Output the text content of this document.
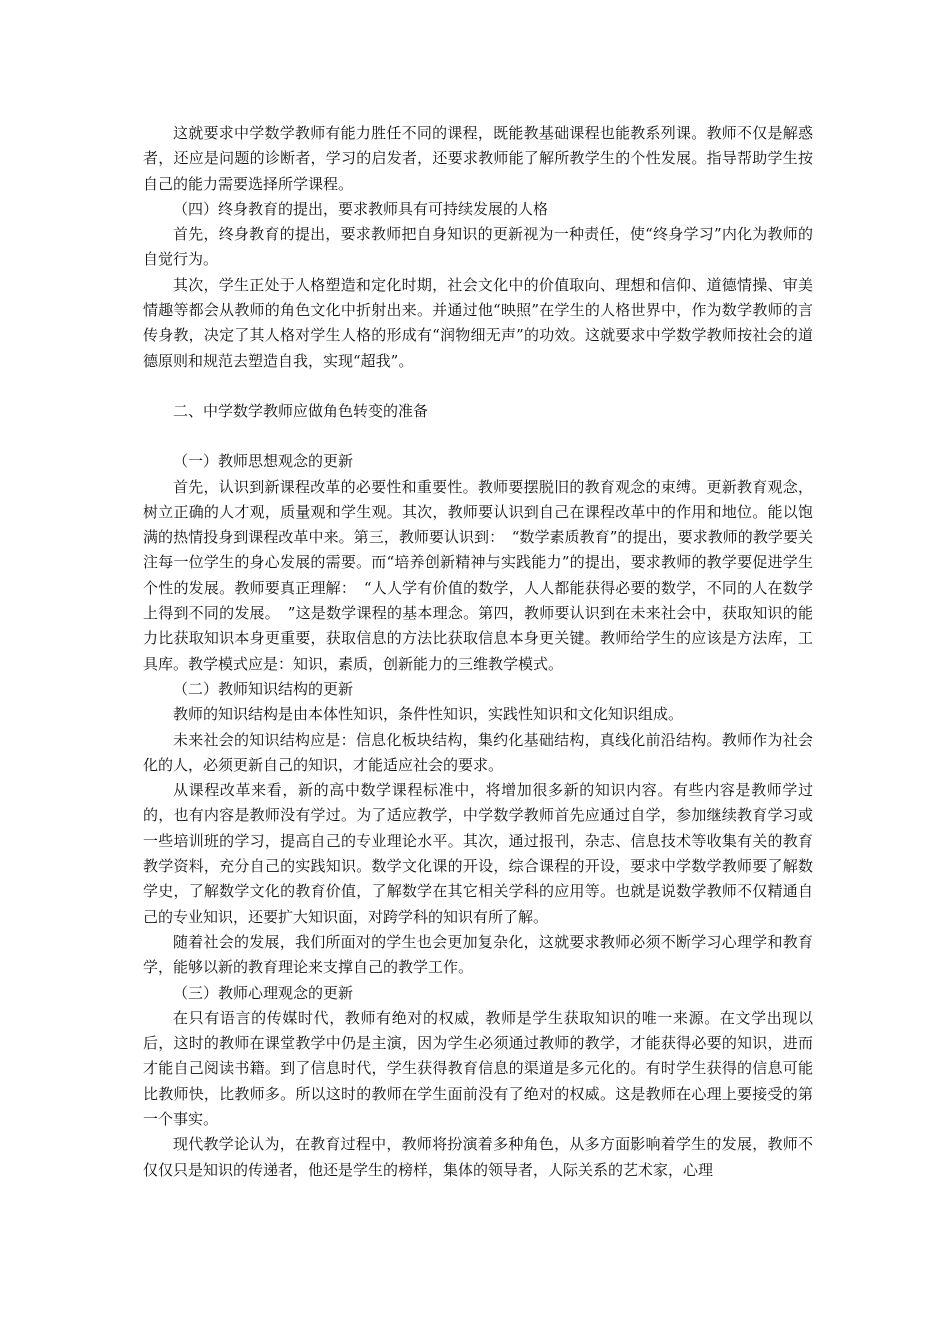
这就要求中学数学教师有能力胜任不同的课程，既能教基础课程也能教系列课。教师不仅是解惑者，还应是问题的诊断者，学习的启发者，还要求教师能了解所教学生的个性发展。指导帮助学生按自己的能力需要选择所学课程。

（四）终身教育的提出，要求教师具有可持续发展的人格

首先，终身教育的提出，要求教师把自身知识的更新视为一种责任，使“终身学习”内化为教师的自觉行为。

其次，学生正处于人格塑造和定化时期，社会文化中的价值取向、理想和信仰、道德情操、审美情趣等都会从教师的角色文化中折射出来。并通过他“映照”在学生的人格世界中，作为数学教师的言传身教，决定了其人格对学生人格的形成有“润物细无声”的功效。这就要求中学数学教师按社会的道德原则和规范去塑造自我，实现“超我”。

二、中学数学教师应做角色转变的准备

（一）教师思想观念的更新

首先，认识到新课程改革的必要性和重要性。教师要摆脱旧的教育观念的束缚。更新教育观念，树立正确的人才观，质量观和学生观。其次，教师要认识到自己在课程改革中的作用和地位。能以饱满的热情投身到课程改革中来。第三，教师要认识到：　“数学素质教育”的提出，要求教师的教学要关注每一位学生的身心发展的需要。而“培养创新精神与实践能力”的提出，要求教师的教学要促进学生个性的发展。教师要真正理解：　“人人学有价值的数学，人人都能获得必要的数学，不同的人在数学上得到不同的发展。　”这是数学课程的基本理念。第四，教师要认识到在未来社会中，获取知识的能力比获取知识本身更重要，获取信息的方法比获取信息本身更关键。教师给学生的应该是方法库，工具库。教学模式应是：知识，素质，创新能力的三维教学模式。

（二）教师知识结构的更新

教师的知识结构是由本体性知识，条件性知识，实践性知识和文化知识组成。

未来社会的知识结构应是：信息化板块结构，集约化基础结构，真线化前沿结构。教师作为社会化的人，必须更新自己的知识，才能适应社会的要求。

从课程改革来看，新的高中数学课程标准中，将增加很多新的知识内容。有些内容是教师学过的，也有内容是教师没有学过。为了适应教学，中学数学教师首先应通过自学，参加继续教育学习或一些培训班的学习，提高自己的专业理论水平。其次，通过报刊，杂志、信息技术等收集有关的教育教学资料，充分自己的实践知识。数学文化课的开设，综合课程的开设，要求中学数学教师要了解数学史，了解数学文化的教育价值，了解数学在其它相关学科的应用等。也就是说数学教师不仅精通自己的专业知识，还要扩大知识面，对跨学科的知识有所了解。

随着社会的发展，我们所面对的学生也会更加复杂化，这就要求教师必须不断学习心理学和教育学，能够以新的教育理论来支撑自己的教学工作。

（三）教师心理观念的更新

在只有语言的传媒时代，教师有绝对的权威，教师是学生获取知识的唯一来源。在文学出现以后，这时的教师在课堂教学中仍是主演，因为学生必须通过教师的教学，才能获得必要的知识，进而才能自己阅读书籍。到了信息时代，学生获得教育信息的渠道是多元化的。有时学生获得的信息可能比教师快，比教师多。所以这时的教师在学生面前没有了绝对的权威。这是教师在心理上要接受的第一个事实。

现代教学论认为，在教育过程中，教师将扮演着多种角色，从多方面影响着学生的发展，教师不仅仅只是知识的传递者，他还是学生的榜样，集体的领导者，人际关系的艺术家，心理
